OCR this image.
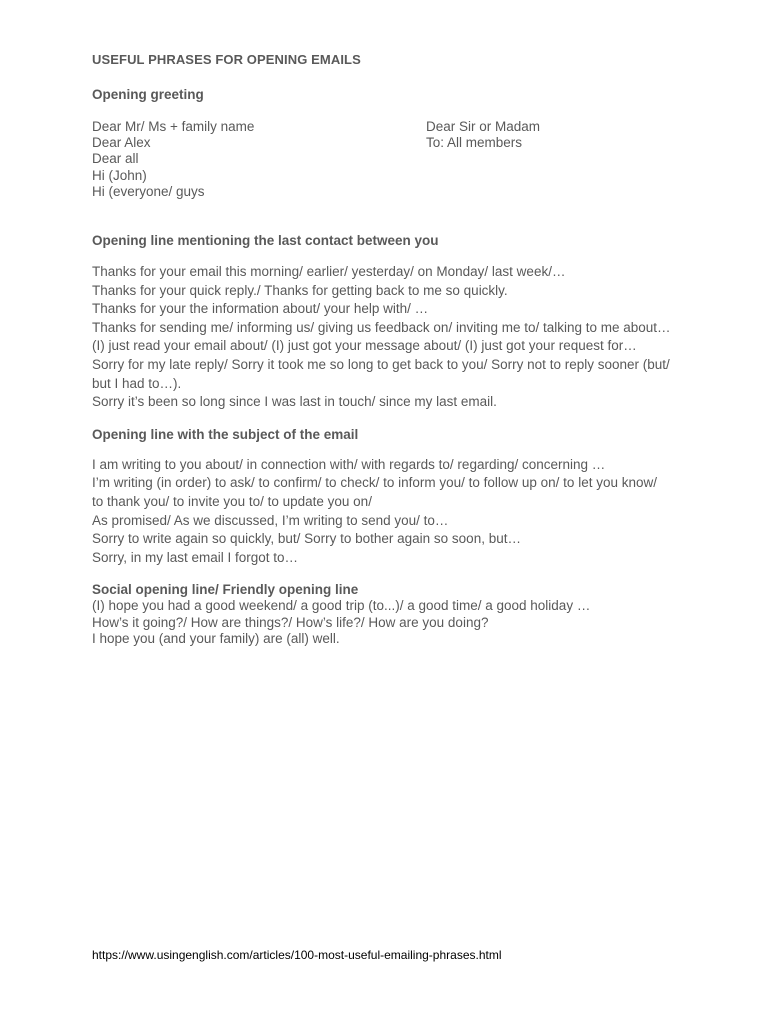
USEFUL PHRASES FOR OPENING EMAILS

Opening greeting

Dear Mr/ Ms + family name

Dear Alex

Dear all

Hi (John)

Hi (everyone/ guys

Dear Sir or Madam

To: All members

Opening line mentioning the last contact between you

Thanks for your email this morning/ earlier/ yesterday/ on Monday/ last week/…
Thanks for your quick reply./ Thanks for getting back to me so quickly.
Thanks for your the information about/ your help with/ …
Thanks for sending me/ informing us/ giving us feedback on/ inviting me to/ talking to me about…
(I) just read your email about/ (I) just got your message about/ (I) just got your request for…
Sorry for my late reply/ Sorry it took me so long to get back to you/ Sorry not to reply sooner (but/
but I had to…).
Sorry it’s been so long since I was last in touch/ since my last email.

Opening line with the subject of the email

I am writing to you about/ in connection with/ with regards to/ regarding/ concerning …
I’m writing (in order) to ask/ to confirm/ to check/ to inform you/ to follow up on/ to let you know/
to thank you/ to invite you to/ to update you on/
As promised/ As we discussed, I’m writing to send you/ to…
Sorry to write again so quickly, but/ Sorry to bother again so soon, but…
Sorry, in my last email I forgot to…

Social opening line/ Friendly opening line

(I) hope you had a good weekend/ a good trip (to...)/ a good time/ a good holiday …
How’s it going?/ How are things?/ How’s life?/ How are you doing?
I hope you (and your family) are (all) well.
https://www.usingenglish.com/articles/100-most-useful-emailing-phrases.html
